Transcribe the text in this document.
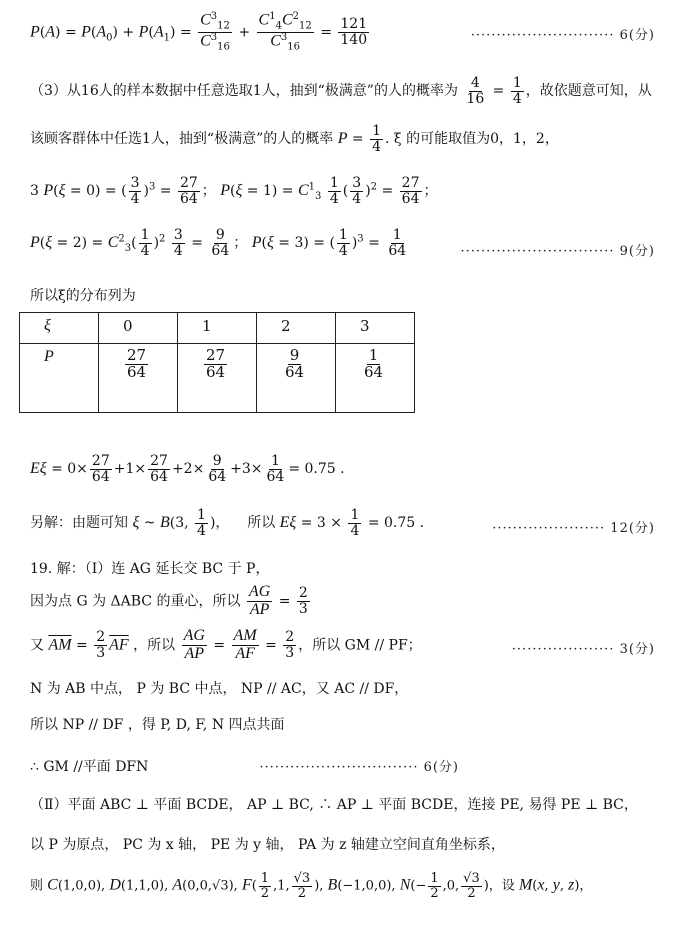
$P(A) = P(A_0) + P(A_1) = \frac{C^3_{12}}{C^3_{16}} + \frac{C^1_4C^2_{12}}{C^3_{16}} = \frac{121}{140}$	···························· 6(分)
（3）从16人的样本数据中任意选取1人，抽到“极满意”的人的概率为 $\frac{4}{16} = \frac{1}{4}$ ，故依题意可知，从
该顾客群体中任选1人，抽到“极满意”的人的概率 $P = \frac{1}{4}$ . ξ 的可能取值为0，1，2，
3 P(ξ = 0) = ( $\frac{3}{4} )^3 = \frac{27}{64}$ ； $P(\xi = 1) = C^1_3 \frac{1}{4}$ ( $\frac{3}{4} )^2 = \frac{27}{64}$ ；
$P(\xi = 2) = C^2_3( \frac{1}{4} )^2 \frac{3}{4} = \frac{9}{64}$ ； P(ξ = 3) = ( $\frac{1}{4} )^3 = \frac{1}{64}$	······························ 9(分)
所以ξ的分布列为
ξ	0	1	2	3
P	$\frac{27}{64}$	$\frac{27}{64}$	$\frac{9}{64}$	$\frac{1}{64}$
$E\xi = 0\times \frac{27}{64} +1\times \frac{27}{64} +2\times \frac{9}{64} +3\times \frac{1}{64} = 0.75$ .
另解：由题可知 ξ ~ B(3, $\frac{1}{4}$ )，    所以 $E\xi = 3 \times \frac{1}{4} = 0.75$ .	······················ 12(分)
19. 解：（Ⅰ）连 AG 延长交 BC 于 P，
因为点 G 为 ΔABC 的重心，所以 $\frac{AG}{AP} = \frac{2}{3}$
又 $\overline{AM} = \frac{2}{3} \overline{AF}$ ，所以 $\frac{AG}{AP} = \frac{AM}{AF} = \frac{2}{3}$ ，所以 GM // PF；	···················· 3(分)
N 为 AB 中点， P 为 BC 中点， NP // AC，又 AC // DF，
所以 NP // DF ，得 P, D, F, N 四点共面
∴ GM //平面 DFN	······························· 6(分)
（Ⅱ）平面 ABC ⊥ 平面 BCDE， AP ⊥ BC, ∴ AP ⊥ 平面 BCDE，连接 PE, 易得 PE ⊥ BC，
以 P 为原点， PC 为 x 轴， PE 为 y 轴， PA 为 z 轴建立空间直角坐标系，
则 C(1,0,0), D(1,1,0), A(0,0,√3), $F( \frac{1}{2} ,1$, $\frac{√3}{2}$ ), B(−1,0,0), $N(- \frac{1}{2} ,0$, $\frac{√3}{2}$ )，设 M(x, y, z)，
